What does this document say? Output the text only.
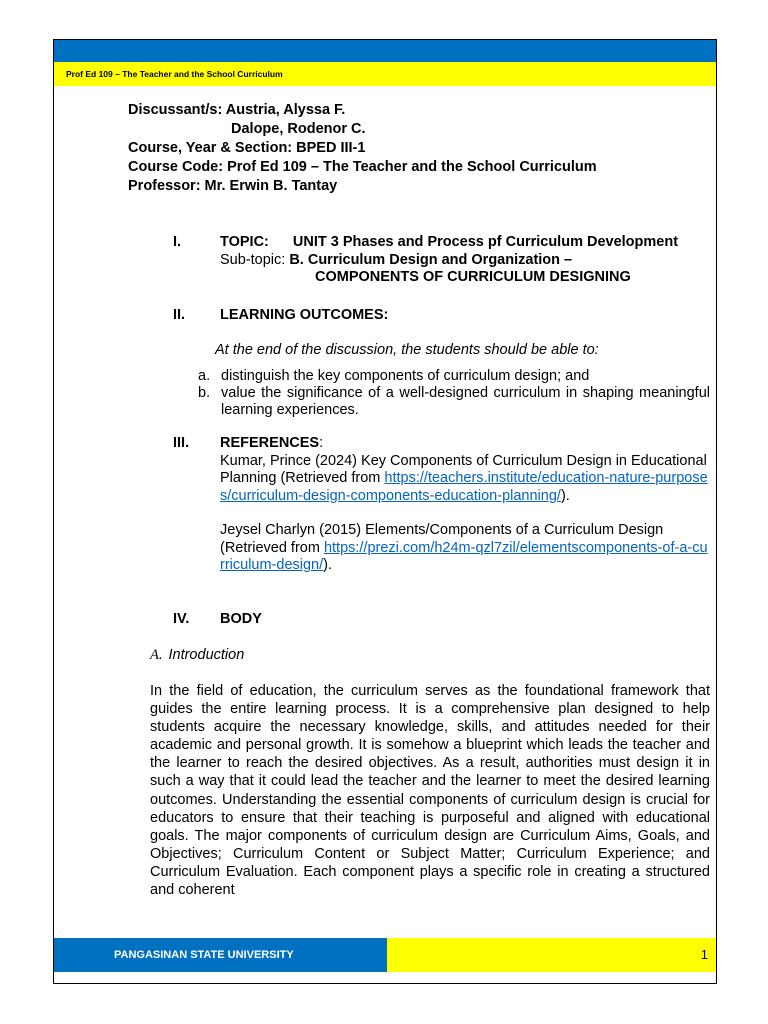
Prof Ed 109 – The Teacher and the School Curriculum
Discussant/s: Austria, Alyssa F.
Dalope, Rodenor C.
Course, Year & Section: BPED III-1
Course Code: Prof Ed 109 – The Teacher and the School Curriculum
Professor: Mr. Erwin B. Tantay
I.	TOPIC: UNIT 3 Phases and Process pf Curriculum Development
Sub-topic: B. Curriculum Design and Organization –
COMPONENTS OF CURRICULUM DESIGNING
II. LEARNING OUTCOMES:
At the end of the discussion, the students should be able to:
a. distinguish the key components of curriculum design; and
b. value the significance of a well-designed curriculum in shaping meaningful learning experiences.
III. REFERENCES:
Kumar, Prince (2024) Key Components of Curriculum Design in Educational Planning (Retrieved from https://teachers.institute/education-nature-purposes/curriculum-design-components-education-planning/).
Jeysel Charlyn (2015) Elements/Components of a Curriculum Design (Retrieved from https://prezi.com/h24m-qzl7zil/elementscomponents-of-a-curriculum-design/).
IV. BODY
A. Introduction
In the field of education, the curriculum serves as the foundational framework that guides the entire learning process. It is a comprehensive plan designed to help students acquire the necessary knowledge, skills, and attitudes needed for their academic and personal growth. It is somehow a blueprint which leads the teacher and the learner to reach the desired objectives. As a result, authorities must design it in such a way that it could lead the teacher and the learner to meet the desired learning outcomes. Understanding the essential components of curriculum design is crucial for educators to ensure that their teaching is purposeful and aligned with educational goals. The major components of curriculum design are Curriculum Aims, Goals, and Objectives; Curriculum Content or Subject Matter; Curriculum Experience; and Curriculum Evaluation. Each component plays a specific role in creating a structured and coherent
PANGASINAN STATE UNIVERSITY	1
